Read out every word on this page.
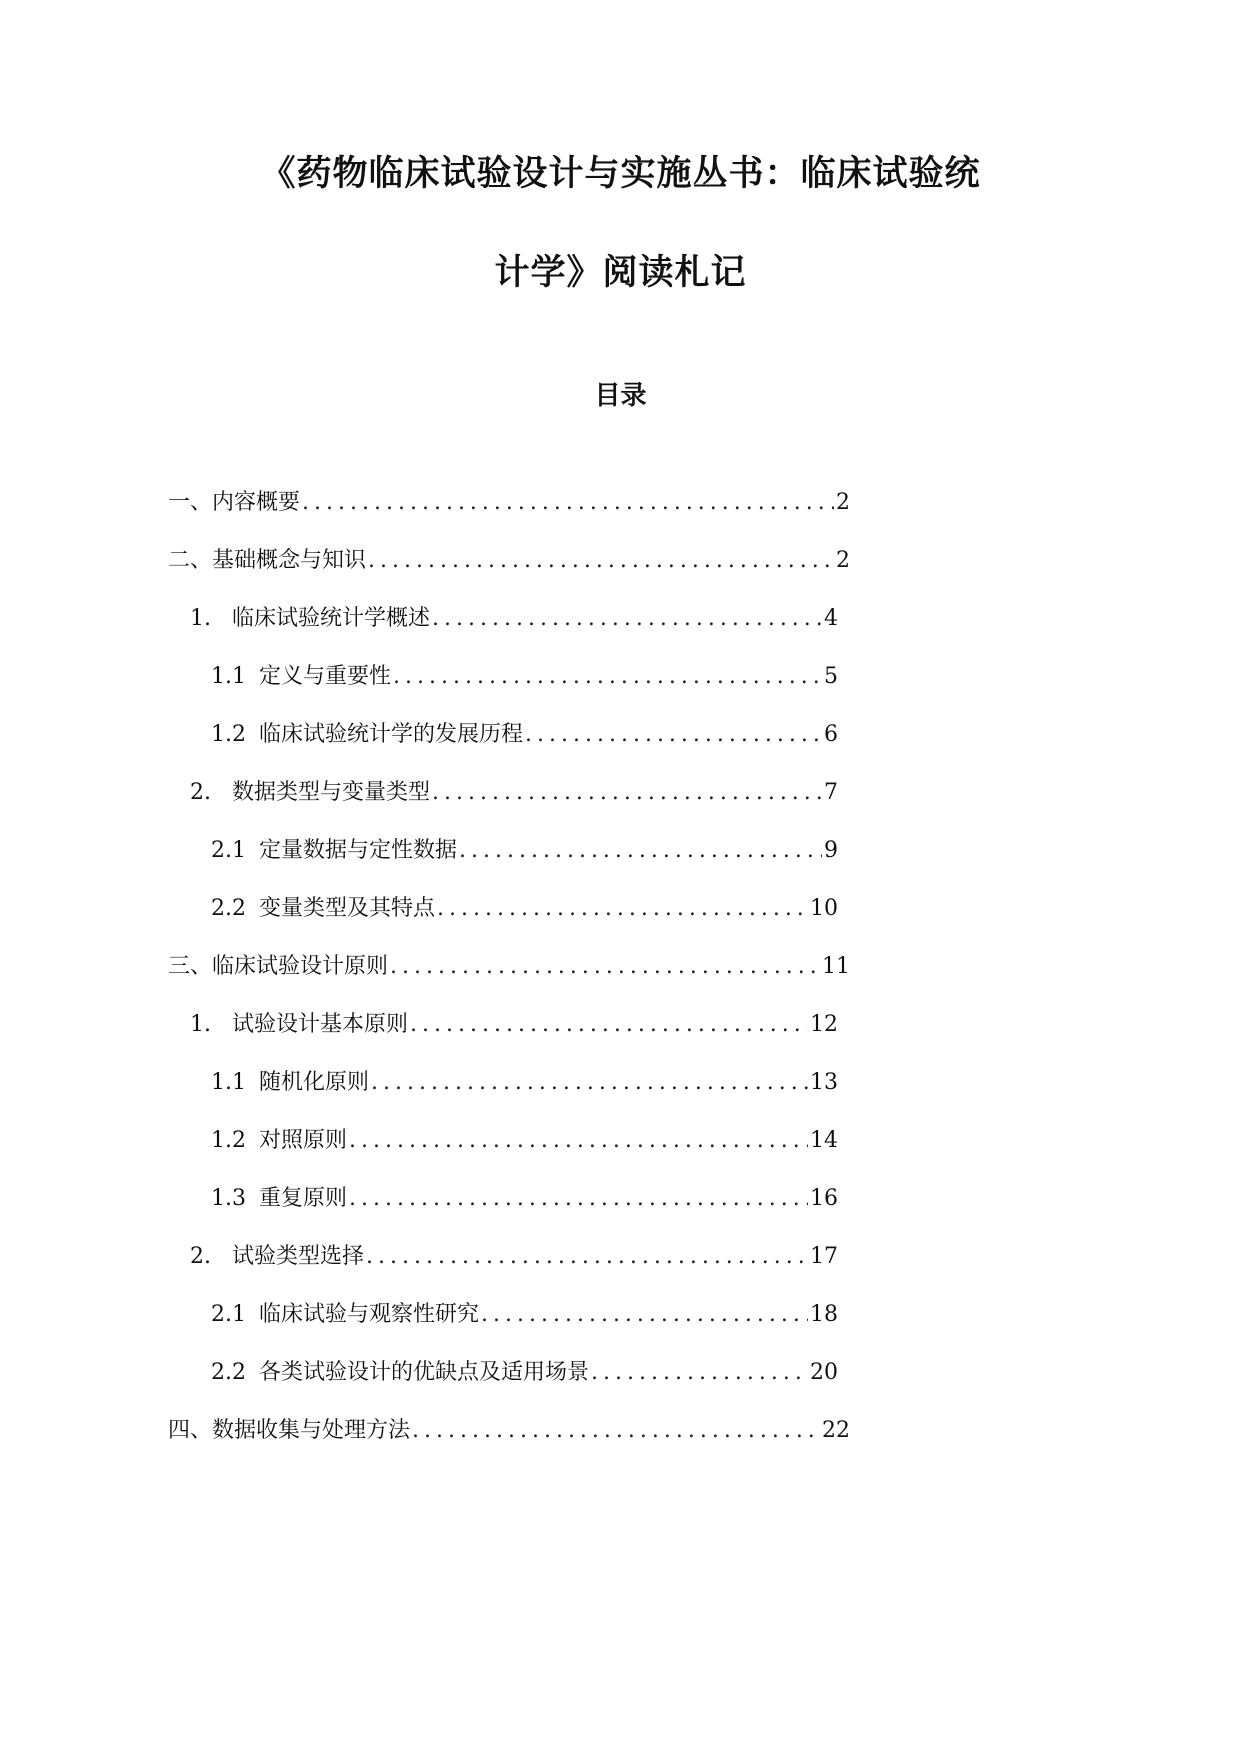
《药物临床试验设计与实施丛书：临床试验统
计学》阅读札记
目录
一、 内容概要 .....	2
二、 基础概念与知识 .....	2
1. 临床试验统计学概述 .....	4
1.1 定义与重要性 .....	5
1.2 临床试验统计学的发展历程 .....	6
2. 数据类型与变量类型 .....	7
2.1 定量数据与定性数据 .....	9
2.2 变量类型及其特点 .....	10
三、 临床试验设计原则 .....	11
1. 试验设计基本原则 .....	12
1.1 随机化原则 .....	13
1.2 对照原则 .....	14
1.3 重复原则 .....	16
2. 试验类型选择 .....	17
2.1 临床试验与观察性研究 .....	18
2.2 各类试验设计的优缺点及适用场景 .....	20
四、 数据收集与处理方法 .....	22
